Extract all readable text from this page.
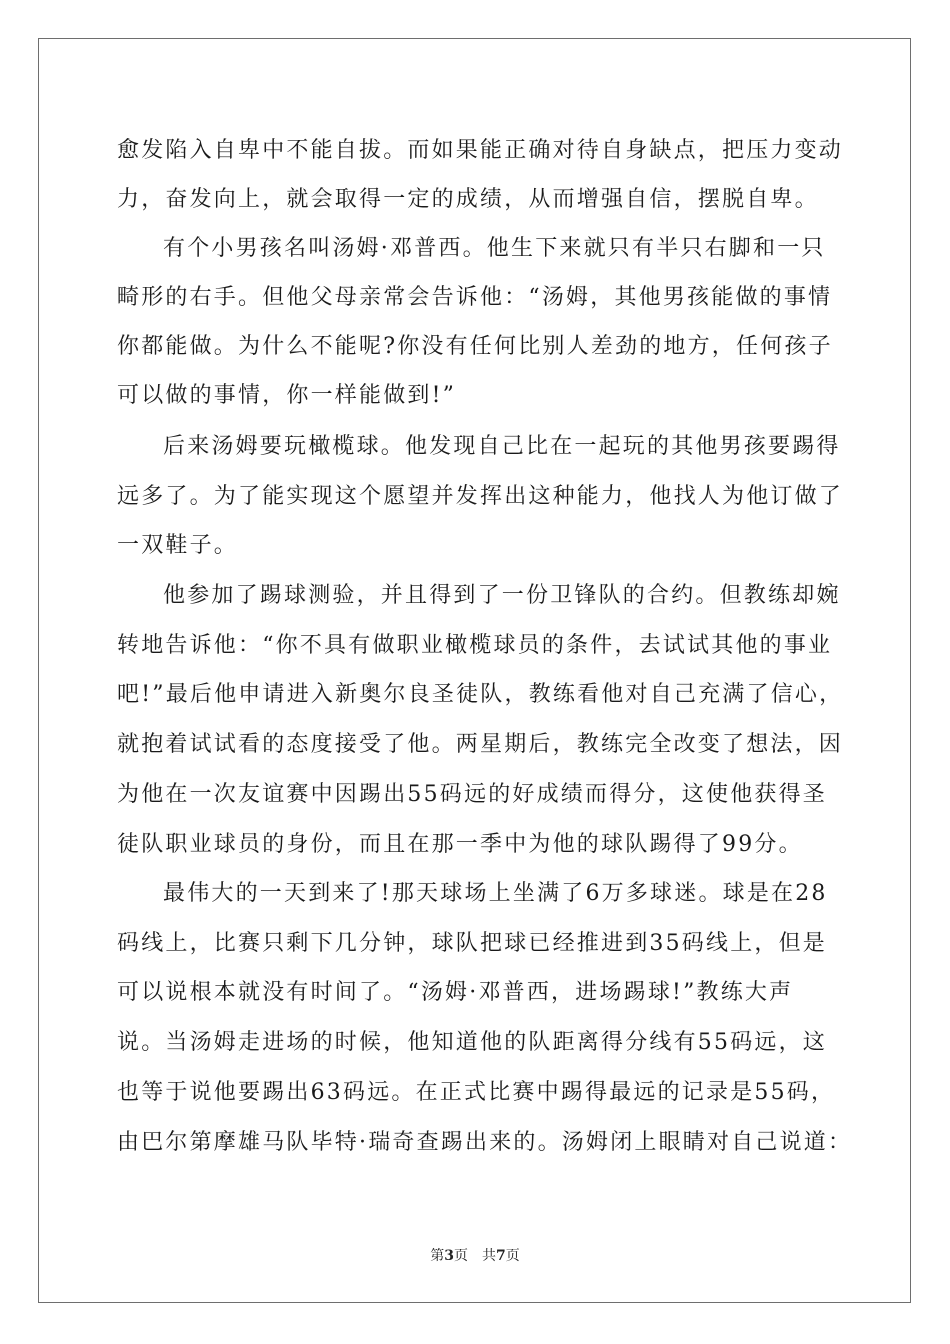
愈发陷入自卑中不能自拔。而如果能正确对待自身缺点，把压力变动
力，奋发向上，就会取得一定的成绩，从而增强自信，摆脱自卑。
有个小男孩名叫汤姆·邓普西。他生下来就只有半只右脚和一只
畸形的右手。但他父母亲常会告诉他：“汤姆，其他男孩能做的事情
你都能做。为什么不能呢?你没有任何比别人差劲的地方，任何孩子
可以做的事情，你一样能做到!”
后来汤姆要玩橄榄球。他发现自己比在一起玩的其他男孩要踢得
远多了。为了能实现这个愿望并发挥出这种能力，他找人为他订做了
一双鞋子。
他参加了踢球测验，并且得到了一份卫锋队的合约。但教练却婉
转地告诉他：“你不具有做职业橄榄球员的条件，去试试其他的事业
吧!”最后他申请进入新奥尔良圣徒队，教练看他对自己充满了信心，
就抱着试试看的态度接受了他。两星期后，教练完全改变了想法，因
为他在一次友谊赛中因踢出55码远的好成绩而得分，这使他获得圣
徒队职业球员的身份，而且在那一季中为他的球队踢得了99分。
最伟大的一天到来了!那天球场上坐满了6万多球迷。球是在28
码线上，比赛只剩下几分钟，球队把球已经推进到35码线上，但是
可以说根本就没有时间了。“汤姆·邓普西，进场踢球!”教练大声
说。当汤姆走进场的时候，他知道他的队距离得分线有55码远，这
也等于说他要踢出63码远。在正式比赛中踢得最远的记录是55码，
由巴尔第摩雄马队毕特·瑞奇查踢出来的。汤姆闭上眼睛对自己说道：
第3页 共7页
